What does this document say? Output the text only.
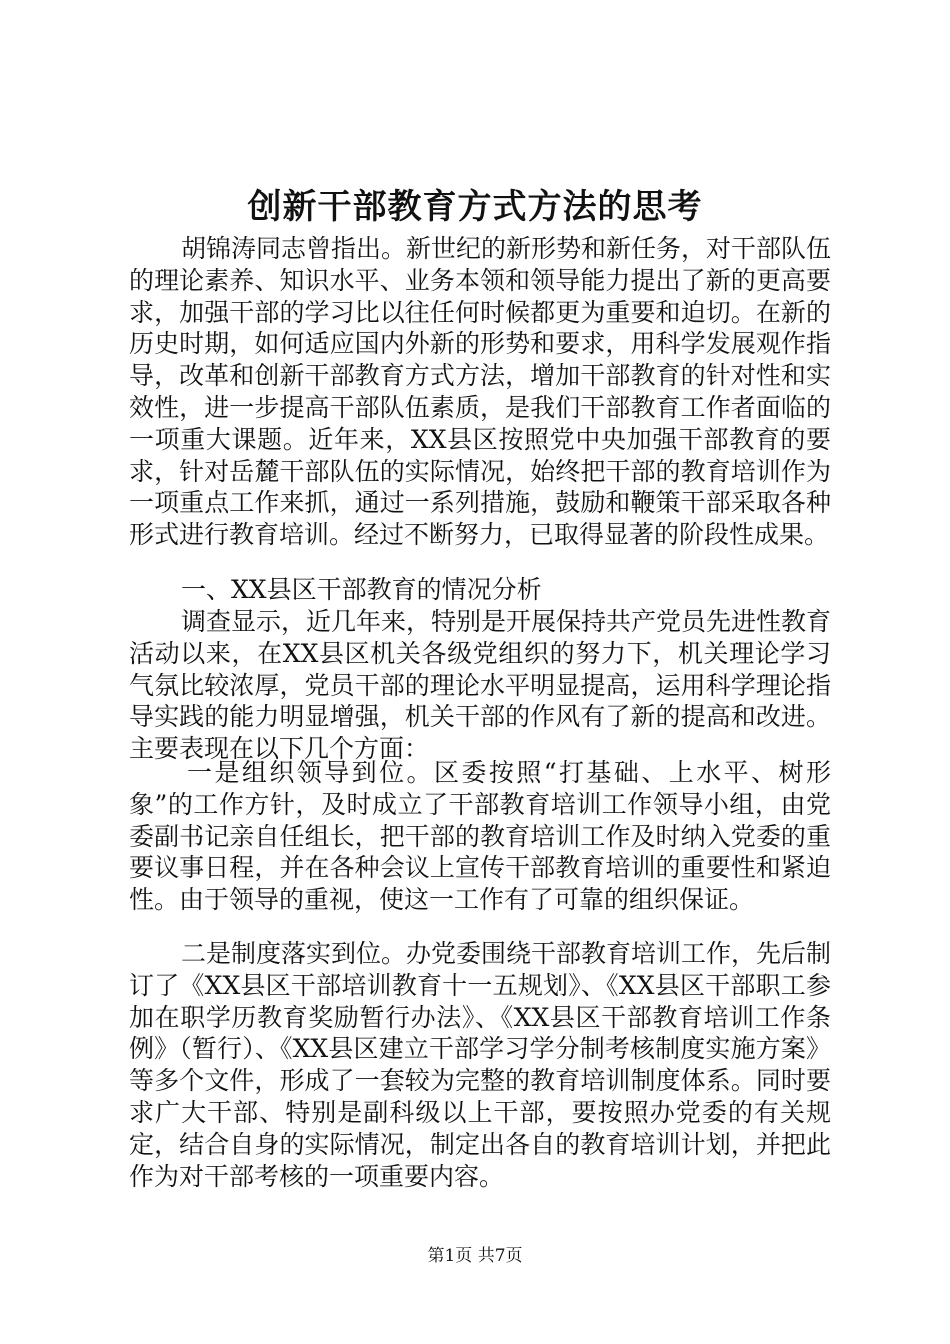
创新干部教育方式方法的思考

胡锦涛同志曾指出。新世纪的新形势和新任务，对干部队伍的理论素养、知识水平、业务本领和领导能力提出了新的更高要求，加强干部的学习比以往任何时候都更为重要和迫切。在新的历史时期，如何适应国内外新的形势和要求，用科学发展观作指导，改革和创新干部教育方式方法，增加干部教育的针对性和实效性，进一步提高干部队伍素质，是我们干部教育工作者面临的一项重大课题。近年来，XX县区按照党中央加强干部教育的要求，针对岳麓干部队伍的实际情况，始终把干部的教育培训作为一项重点工作来抓，通过一系列措施，鼓励和鞭策干部采取各种形式进行教育培训。经过不断努力，已取得显著的阶段性成果。

一、XX县区干部教育的情况分析

调查显示，近几年来，特别是开展保持共产党员先进性教育活动以来，在XX县区机关各级党组织的努力下，机关理论学习气氛比较浓厚，党员干部的理论水平明显提高，运用科学理论指导实践的能力明显增强，机关干部的作风有了新的提高和改进。主要表现在以下几个方面：

一是组织领导到位。区委按照“打基础、上水平、树形象”的工作方针，及时成立了干部教育培训工作领导小组，由党委副书记亲自任组长，把干部的教育培训工作及时纳入党委的重要议事日程，并在各种会议上宣传干部教育培训的重要性和紧迫性。由于领导的重视，使这一工作有了可靠的组织保证。

二是制度落实到位。办党委围绕干部教育培训工作，先后制订了《XX县区干部培训教育十一五规划》、《XX县区干部职工参加在职学历教育奖励暂行办法》、《XX县区干部教育培训工作条例》（暂行）、《XX县区建立干部学习学分制考核制度实施方案》等多个文件，形成了一套较为完整的教育培训制度体系。同时要求广大干部、特别是副科级以上干部，要按照办党委的有关规定，结合自身的实际情况，制定出各自的教育培训计划，并把此作为对干部考核的一项重要内容。

第1页 共7页
